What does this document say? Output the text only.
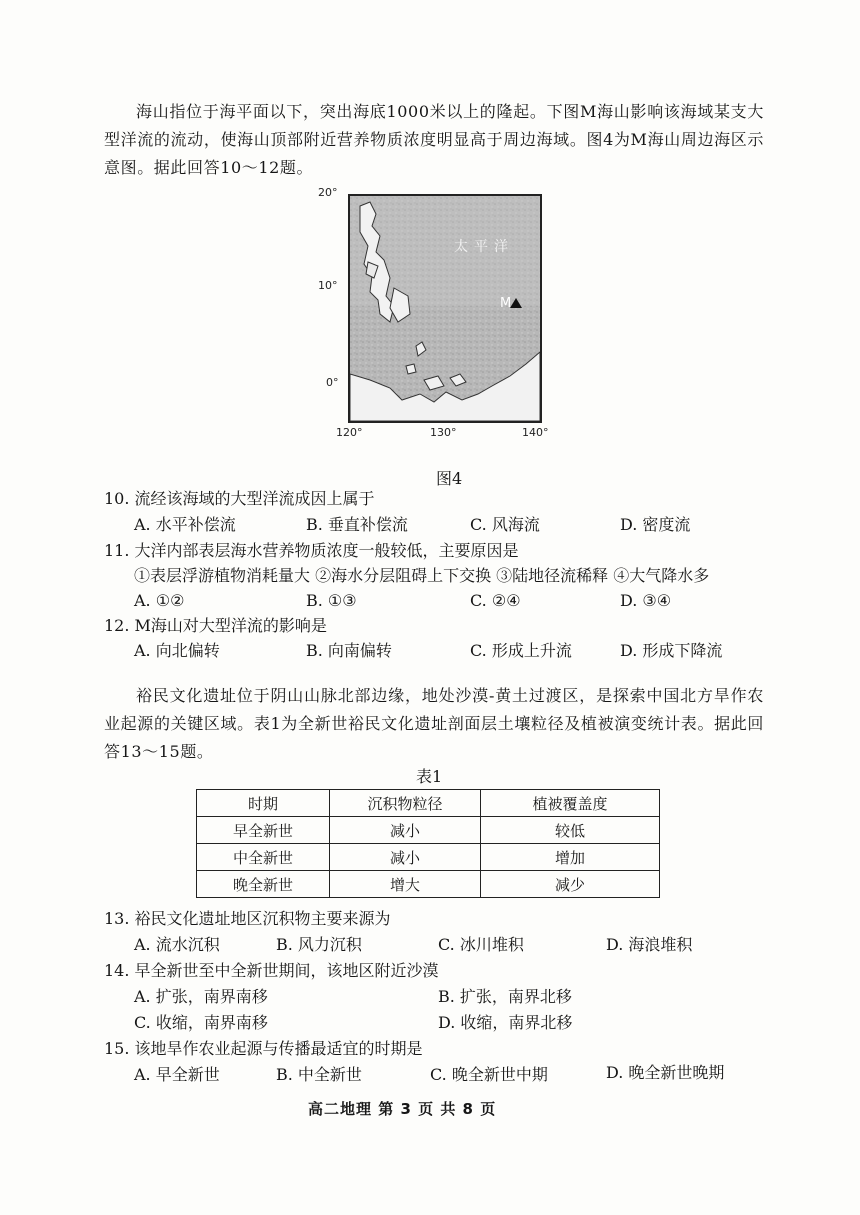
海山指位于海平面以下，突出海底1000米以上的隆起。下图M海山影响该海域某支大型洋流的流动，使海山顶部附近营养物质浓度明显高于周边海域。图4为M海山周边海区示意图。据此回答10～12题。

20°
10°
0°
太平洋
M
120°	130°	140°
图4

10. 流经该海域的大型洋流成因上属于

A. 水平补偿流	B. 垂直补偿流	C. 风海流	D. 密度流

11. 大洋内部表层海水营养物质浓度一般较低，主要原因是

①表层浮游植物消耗量大 ②海水分层阻碍上下交换 ③陆地径流稀释 ④大气降水多

A. ①②	B. ①③	C. ②④	D. ③④

12. M海山对大型洋流的影响是

A. 向北偏转	B. 向南偏转	C. 形成上升流	D. 形成下降流

裕民文化遗址位于阴山山脉北部边缘，地处沙漠-黄土过渡区，是探索中国北方旱作农业起源的关键区域。表1为全新世裕民文化遗址剖面层土壤粒径及植被演变统计表。据此回答13～15题。

表1
时期	沉积物粒径	植被覆盖度
早全新世	减小	较低
中全新世	减小	增加
晚全新世	增大	减少

13. 裕民文化遗址地区沉积物主要来源为

A. 流水沉积	B. 风力沉积	C. 冰川堆积	D. 海浪堆积

14. 早全新世至中全新世期间，该地区附近沙漠

A. 扩张，南界南移	B. 扩张，南界北移

C. 收缩，南界南移	D. 收缩，南界北移

15. 该地旱作农业起源与传播最适宜的时期是

A. 早全新世	B. 中全新世	C. 晚全新世中期	D. 晚全新世晚期

高二地理 第 3 页 共 8 页
